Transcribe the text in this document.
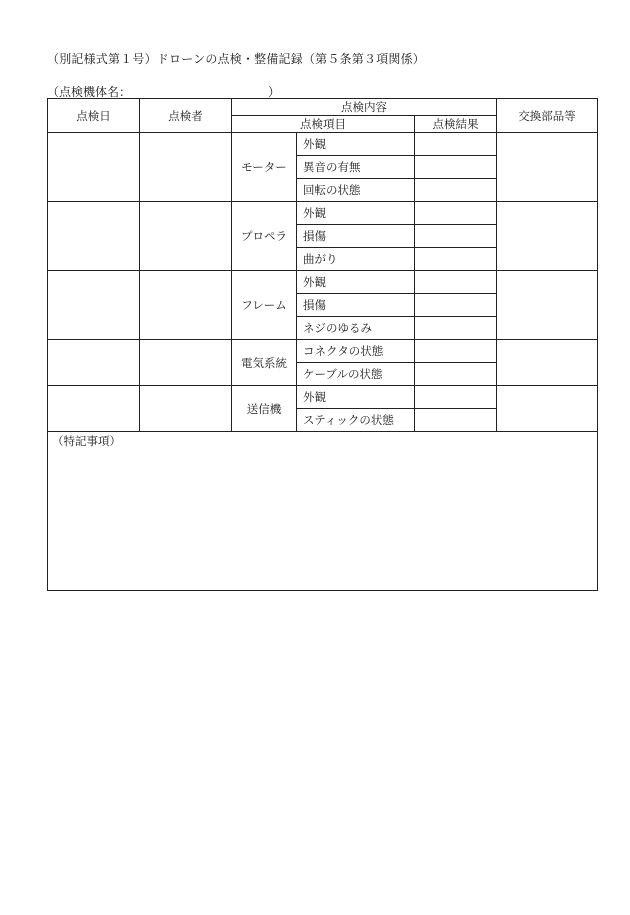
（別記様式第１号）ドローンの点検・整備記録（第５条第３項関係）
（点検機体名：	）
点検日	点検者	点検内容			交換部品等
		点検項目		点検結果	
		モーター	外観		
			異音の有無		
			回転の状態		
		プロペラ	外観		
			損傷		
			曲がり		
		フレーム	外観		
			損傷		
			ネジのゆるみ		
		電気系統	コネクタの状態		
			ケーブルの状態		
		送信機	外観		
			スティックの状態		
（特記事項）					
